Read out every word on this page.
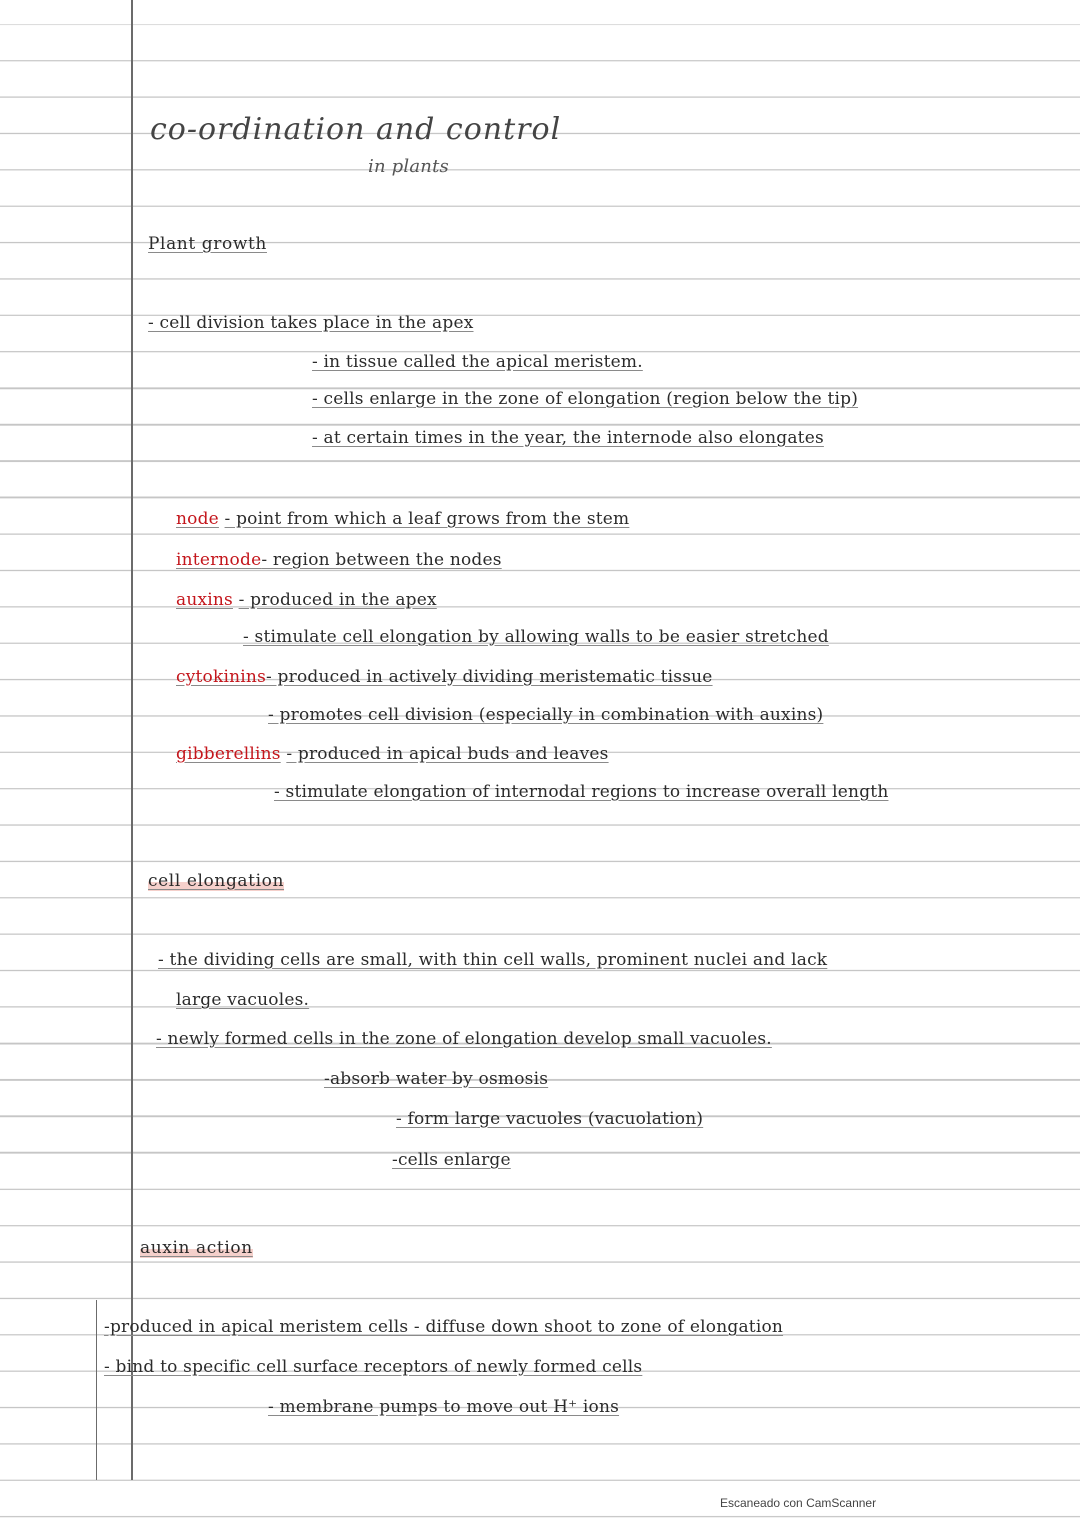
co-ordination and control
in plants
Plant growth
- cell division takes place in the apex
- in tissue called the apical meristem.
- cells enlarge in the zone of elongation (region below the tip)
- at certain times in the year, the internode also elongates
node - point from which a leaf grows from the stem
internode- region between the nodes
auxins - produced in the apex
- stimulate cell elongation by allowing walls to be easier stretched
cytokinins- produced in actively dividing meristematic tissue
- promotes cell division (especially in combination with auxins)
gibberellins - produced in apical buds and leaves
- stimulate elongation of internodal regions to increase overall length
cell elongation
- the dividing cells are small, with thin cell walls, prominent nuclei and lack
large vacuoles.
- newly formed cells in the zone of elongation develop small vacuoles.
-absorb water by osmosis
- form large vacuoles (vacuolation)
-cells enlarge
auxin action
-produced in apical meristem cells - diffuse down shoot to zone of elongation
- bind to specific cell surface receptors of newly formed cells
- membrane pumps to move out H⁺ ions
Escaneado con CamScanner
